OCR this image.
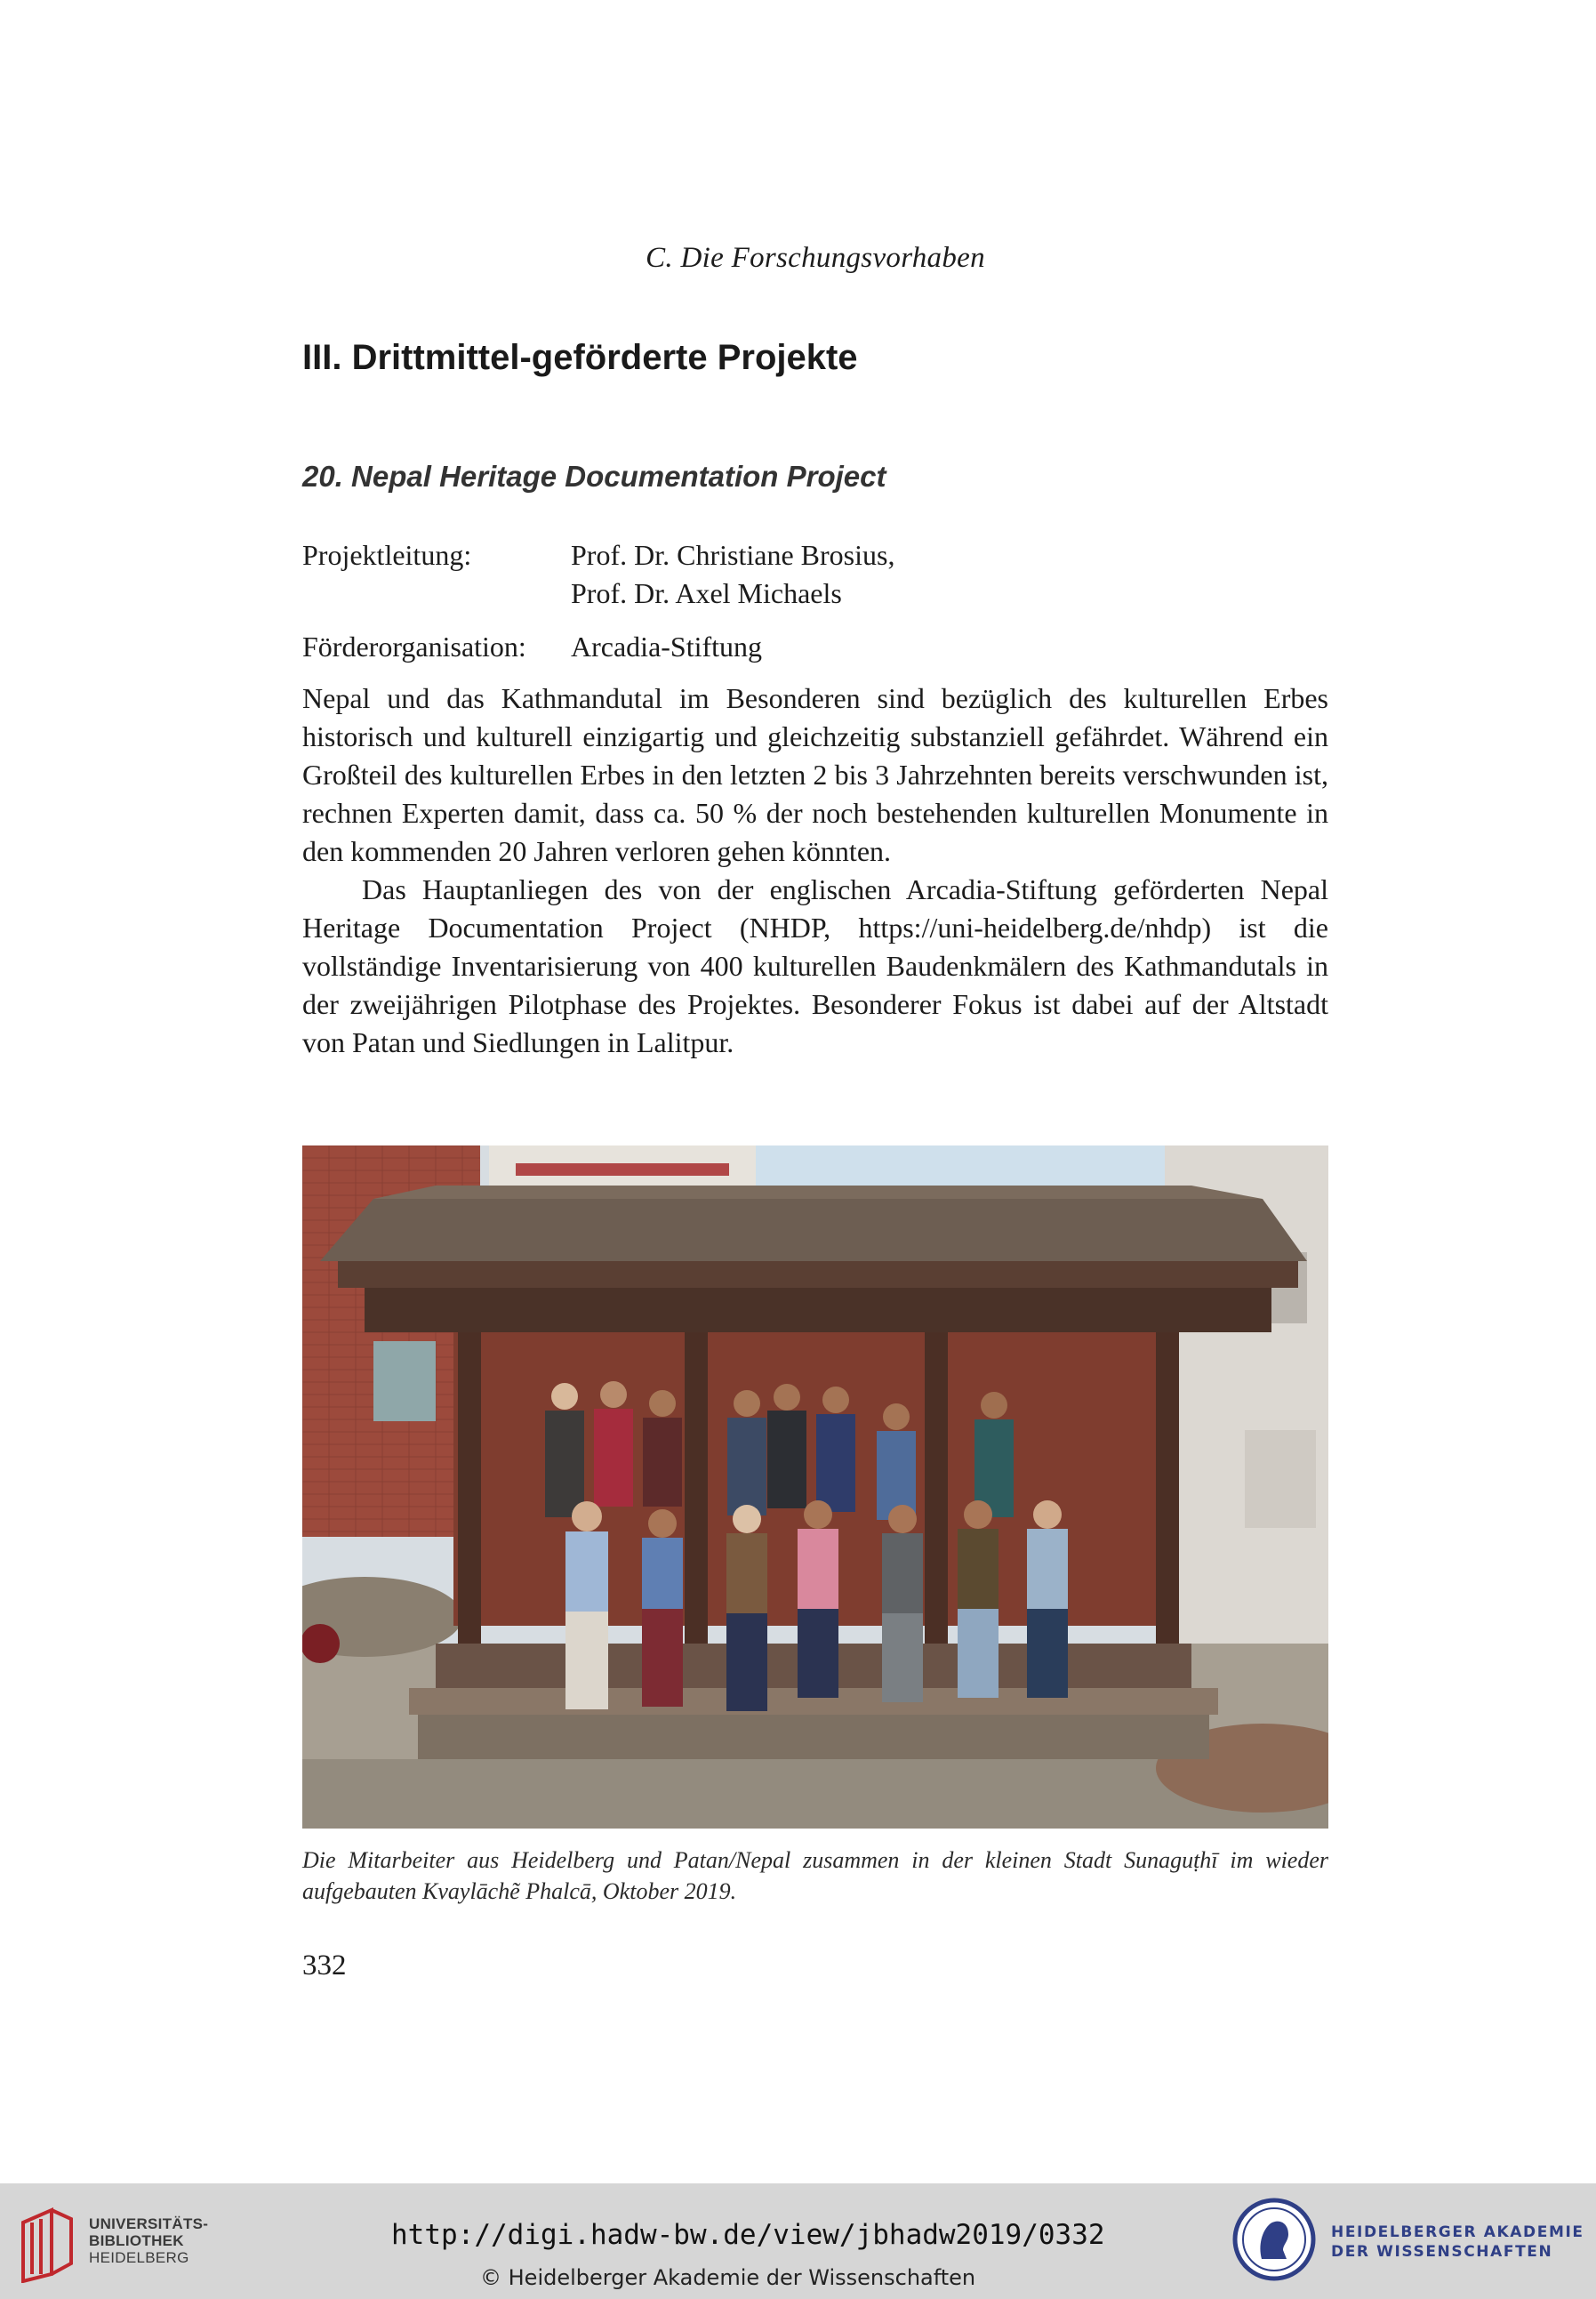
C. Die Forschungsvorhaben
III. Drittmittel-geförderte Projekte
20. Nepal Heritage Documentation Project
Projektleitung:	Prof. Dr. Christiane Brosius,
Prof. Dr. Axel Michaels
Förderorganisation: Arcadia-Stiftung

Nepal und das Kathmandutal im Besonderen sind bezüglich des kulturellen Erbes historisch und kulturell einzigartig und gleichzeitig substanziell gefährdet. Während ein Großteil des kulturellen Erbes in den letzten 2 bis 3 Jahrzehnten bereits verschwunden ist, rechnen Experten damit, dass ca. 50 % der noch bestehenden kulturellen Monumente in den kommenden 20 Jahren verloren gehen könnten.

Das Hauptanliegen des von der englischen Arcadia-Stiftung geförderten Nepal Heritage Documentation Project (NHDP, https://uni-heidelberg.de/nhdp) ist die vollständige Inventarisierung von 400 kulturellen Baudenkmälern des Kathmandutals in der zweijährigen Pilotphase des Projektes. Besonderer Fokus ist dabei auf der Altstadt von Patan und Siedlungen in Lalitpur.

Die Mitarbeiter aus Heidelberg und Patan/Nepal zusammen in der kleinen Stadt Sunaguṭhī im wieder aufgebauten Kvaylāchẽ Phalcā, Oktober 2019.
332
UNIVERSITÄTS-
BIBLIOTHEK
HEIDELBERG
http://digi.hadw-bw.de/view/jbhadw2019/0332
© Heidelberger Akademie der Wissenschaften
HEIDELBERGER AKADEMIE
DER WISSENSCHAFTEN
